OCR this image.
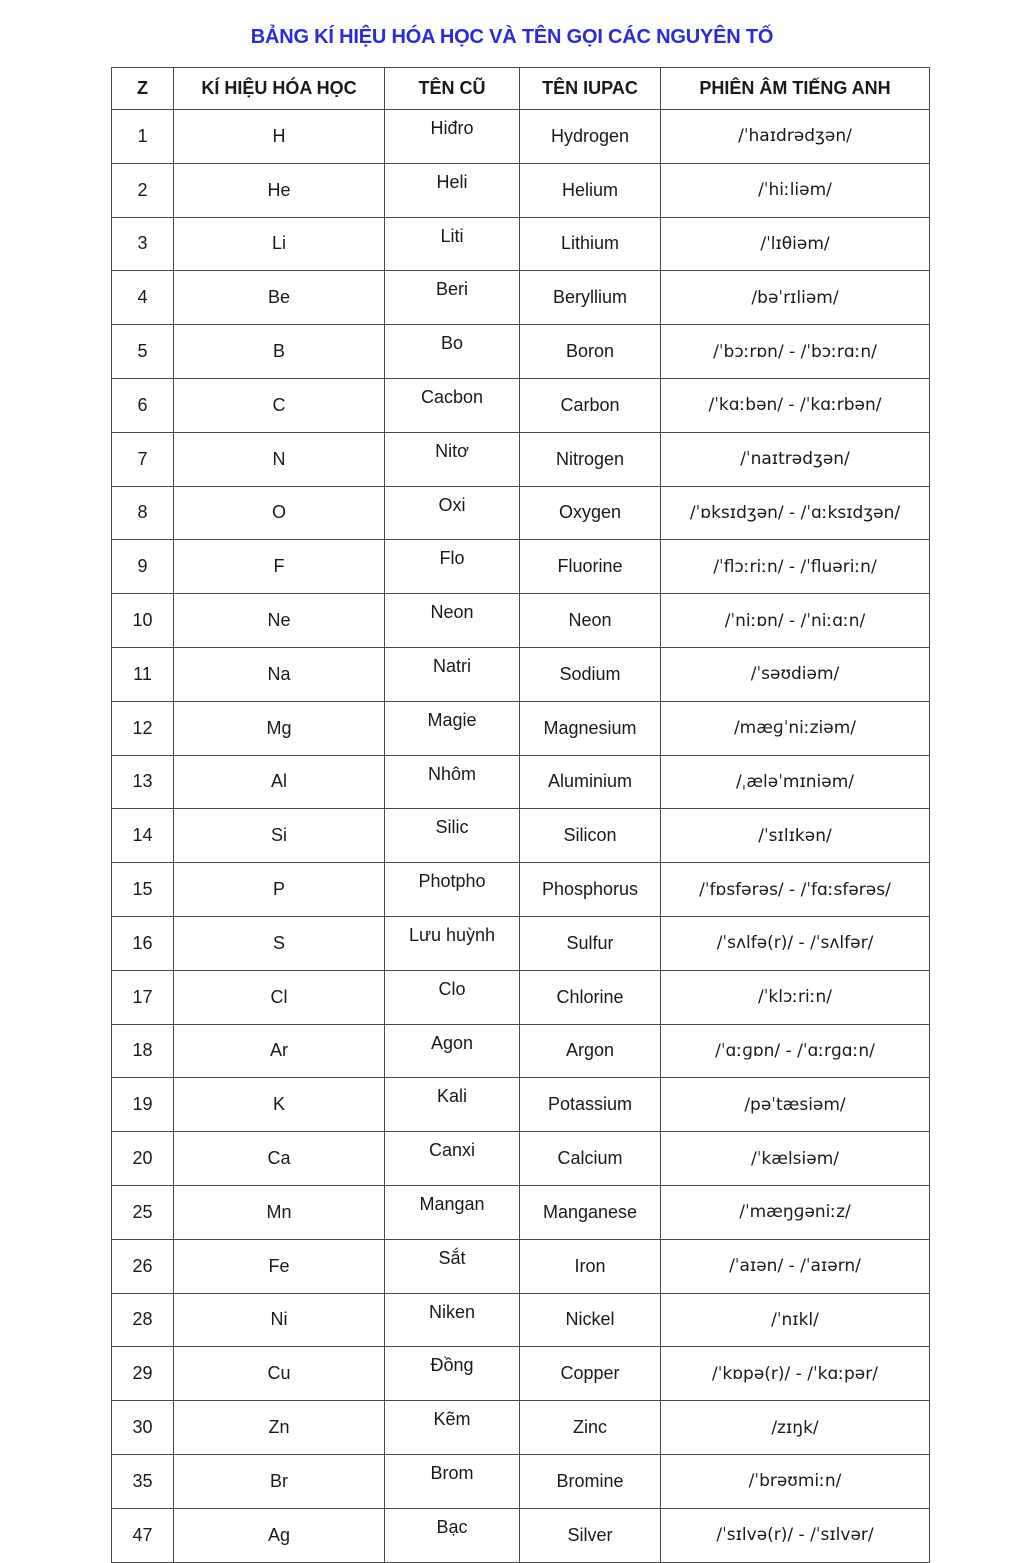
BẢNG KÍ HIỆU HÓA HỌC VÀ TÊN GỌI CÁC NGUYÊN TỐ
Z	KÍ HIỆU HÓA HỌC	TÊN CŨ	TÊN IUPAC	PHIÊN ÂM TIẾNG ANH
1	H	Hiđro	Hydrogen	/ˈhaɪdrədʒən/
2	He	Heli	Helium	/ˈhiːliəm/
3	Li	Liti	Lithium	/ˈlɪθiəm/
4	Be	Beri	Beryllium	/bəˈrɪliəm/
5	B	Bo	Boron	/ˈbɔːrɒn/ - /ˈbɔːrɑːn/
6	C	Cacbon	Carbon	/ˈkɑːbən/ - /ˈkɑːrbən/
7	N	Nitơ	Nitrogen	/ˈnaɪtrədʒən/
8	O	Oxi	Oxygen	/ˈɒksɪdʒən/ - /ˈɑːksɪdʒən/
9	F	Flo	Fluorine	/ˈflɔːriːn/ - /ˈfluəriːn/
10	Ne	Neon	Neon	/ˈniːɒn/ - /ˈniːɑːn/
11	Na	Natri	Sodium	/ˈsəʊdiəm/
12	Mg	Magie	Magnesium	/mæɡˈniːziəm/
13	Al	Nhôm	Aluminium	/ˌæləˈmɪniəm/
14	Si	Silic	Silicon	/ˈsɪlɪkən/
15	P	Photpho	Phosphorus	/ˈfɒsfərəs/ - /ˈfɑːsfərəs/
16	S	Lưu huỳnh	Sulfur	/ˈsʌlfə(r)/ - /ˈsʌlfər/
17	Cl	Clo	Chlorine	/ˈklɔːriːn/
18	Ar	Agon	Argon	/ˈɑːɡɒn/ - /ˈɑːrɡɑːn/
19	K	Kali	Potassium	/pəˈtæsiəm/
20	Ca	Canxi	Calcium	/ˈkælsiəm/
25	Mn	Mangan	Manganese	/ˈmæŋɡəniːz/
26	Fe	Sắt	Iron	/ˈaɪən/ - /ˈaɪərn/
28	Ni	Niken	Nickel	/ˈnɪkl/
29	Cu	Đồng	Copper	/ˈkɒpə(r)/ - /ˈkɑːpər/
30	Zn	Kẽm	Zinc	/zɪŋk/
35	Br	Brom	Bromine	/ˈbrəʊmiːn/
47	Ag	Bạc	Silver	/ˈsɪlvə(r)/ - /ˈsɪlvər/
